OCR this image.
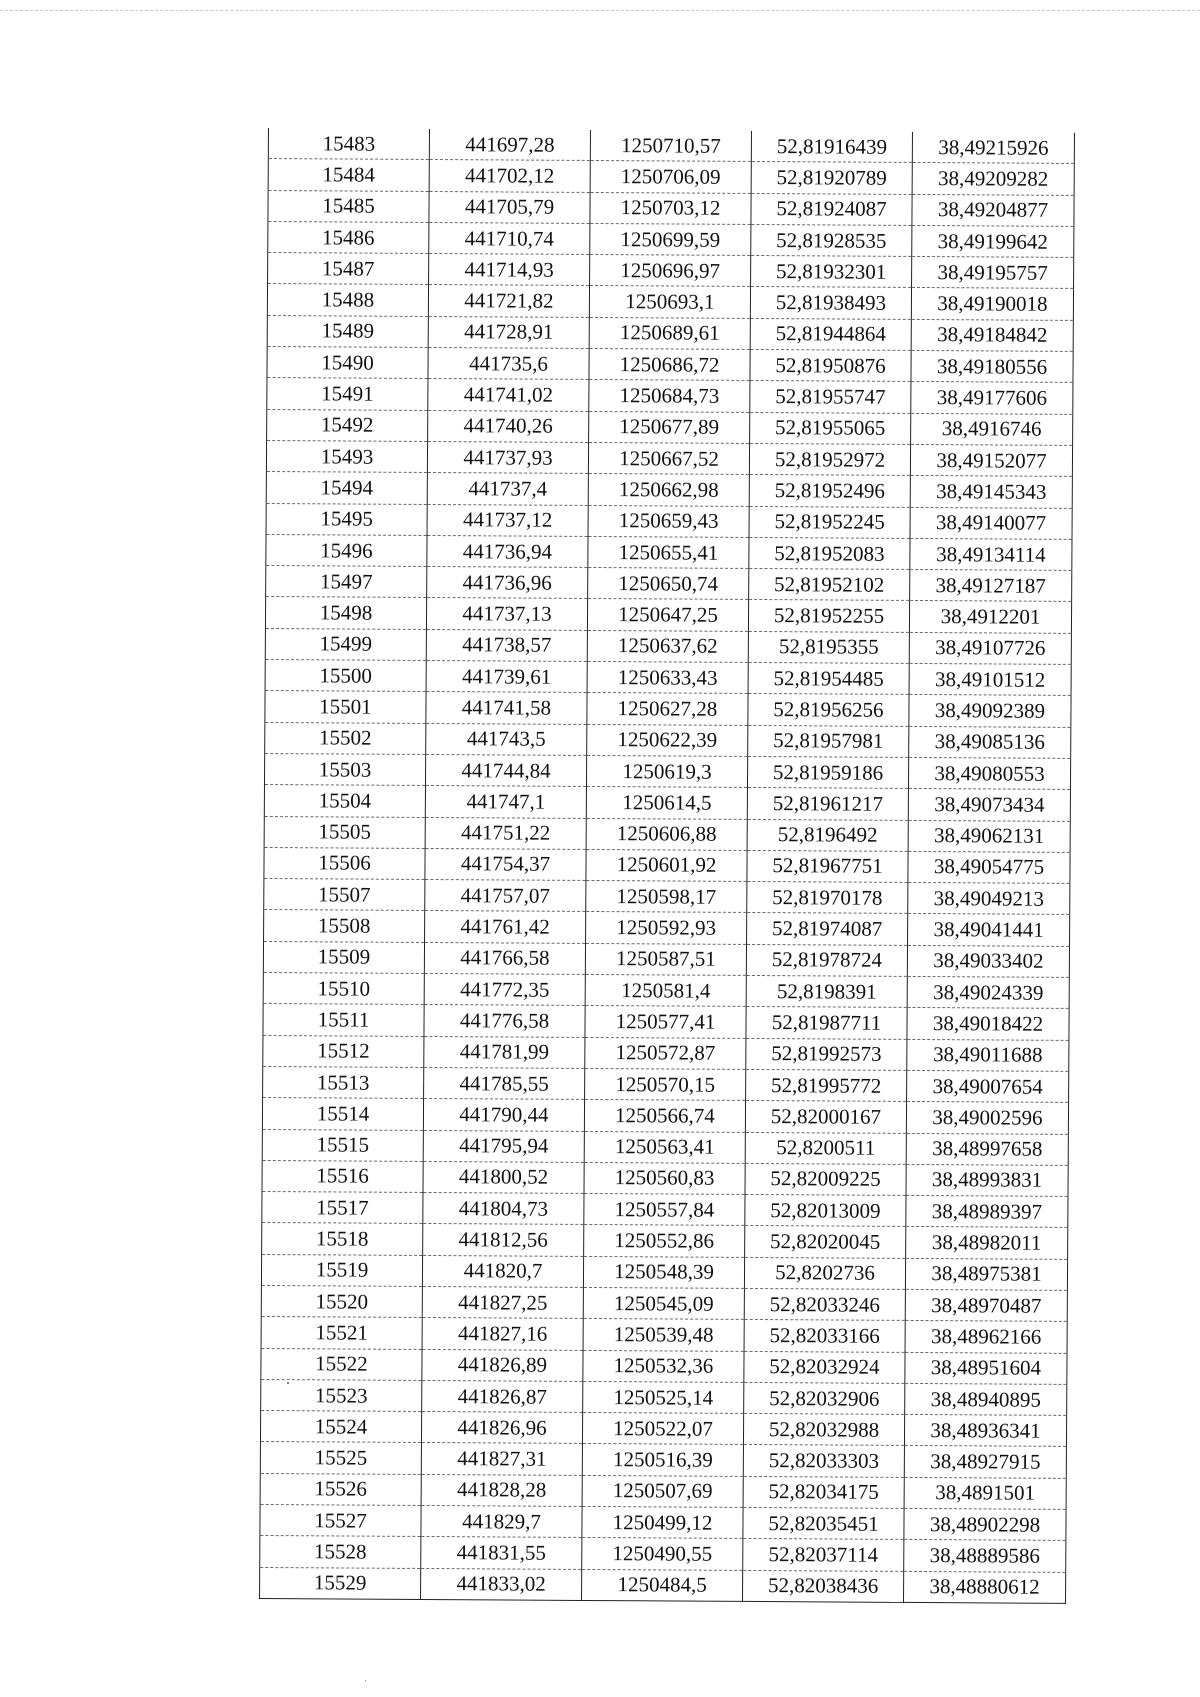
15483	441697,28	1250710,57	52,81916439	38,49215926
15484	441702,12	1250706,09	52,81920789	38,49209282
15485	441705,79	1250703,12	52,81924087	38,49204877
15486	441710,74	1250699,59	52,81928535	38,49199642
15487	441714,93	1250696,97	52,81932301	38,49195757
15488	441721,82	1250693,1	52,81938493	38,49190018
15489	441728,91	1250689,61	52,81944864	38,49184842
15490	441735,6	1250686,72	52,81950876	38,49180556
15491	441741,02	1250684,73	52,81955747	38,49177606
15492	441740,26	1250677,89	52,81955065	38,4916746
15493	441737,93	1250667,52	52,81952972	38,49152077
15494	441737,4	1250662,98	52,81952496	38,49145343
15495	441737,12	1250659,43	52,81952245	38,49140077
15496	441736,94	1250655,41	52,81952083	38,49134114
15497	441736,96	1250650,74	52,81952102	38,49127187
15498	441737,13	1250647,25	52,81952255	38,4912201
15499	441738,57	1250637,62	52,8195355	38,49107726
15500	441739,61	1250633,43	52,81954485	38,49101512
15501	441741,58	1250627,28	52,81956256	38,49092389
15502	441743,5	1250622,39	52,81957981	38,49085136
15503	441744,84	1250619,3	52,81959186	38,49080553
15504	441747,1	1250614,5	52,81961217	38,49073434
15505	441751,22	1250606,88	52,8196492	38,49062131
15506	441754,37	1250601,92	52,81967751	38,49054775
15507	441757,07	1250598,17	52,81970178	38,49049213
15508	441761,42	1250592,93	52,81974087	38,49041441
15509	441766,58	1250587,51	52,81978724	38,49033402
15510	441772,35	1250581,4	52,8198391	38,49024339
15511	441776,58	1250577,41	52,81987711	38,49018422
15512	441781,99	1250572,87	52,81992573	38,49011688
15513	441785,55	1250570,15	52,81995772	38,49007654
15514	441790,44	1250566,74	52,82000167	38,49002596
15515	441795,94	1250563,41	52,8200511	38,48997658
15516	441800,52	1250560,83	52,82009225	38,48993831
15517	441804,73	1250557,84	52,82013009	38,48989397
15518	441812,56	1250552,86	52,82020045	38,48982011
15519	441820,7	1250548,39	52,8202736	38,48975381
15520	441827,25	1250545,09	52,82033246	38,48970487
15521	441827,16	1250539,48	52,82033166	38,48962166
15522	441826,89	1250532,36	52,82032924	38,48951604
15523	441826,87	1250525,14	52,82032906	38,48940895
15524	441826,96	1250522,07	52,82032988	38,48936341
15525	441827,31	1250516,39	52,82033303	38,48927915
15526	441828,28	1250507,69	52,82034175	38,4891501
15527	441829,7	1250499,12	52,82035451	38,48902298
15528	441831,55	1250490,55	52,82037114	38,48889586
15529	441833,02	1250484,5	52,82038436	38,48880612
